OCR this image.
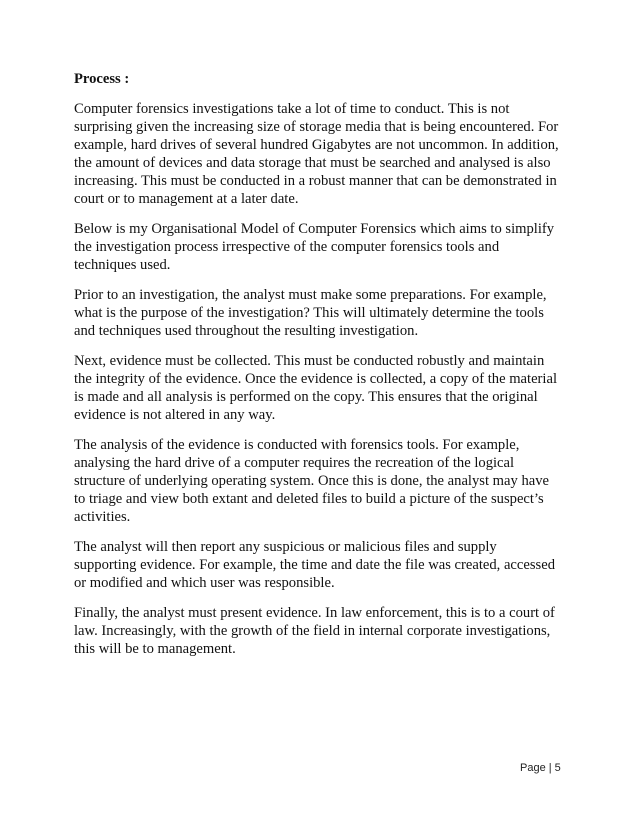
Process :

Computer forensics investigations take a lot of time to conduct. This is not
surprising given the increasing size of storage media that is being encountered. For
example, hard drives of several hundred Gigabytes are not uncommon. In addition,
the amount of devices and data storage that must be searched and analysed is also
increasing. This must be conducted in a robust manner that can be demonstrated in
court or to management at a later date.

Below is my Organisational Model of Computer Forensics which aims to simplify
the investigation process irrespective of the computer forensics tools and
techniques used.

Prior to an investigation, the analyst must make some preparations. For example,
what is the purpose of the investigation? This will ultimately determine the tools
and techniques used throughout the resulting investigation.

Next, evidence must be collected. This must be conducted robustly and maintain
the integrity of the evidence. Once the evidence is collected, a copy of the material
is made and all analysis is performed on the copy. This ensures that the original
evidence is not altered in any way.

The analysis of the evidence is conducted with forensics tools. For example,
analysing the hard drive of a computer requires the recreation of the logical
structure of underlying operating system. Once this is done, the analyst may have
to triage and view both extant and deleted files to build a picture of the suspect’s
activities.

The analyst will then report any suspicious or malicious files and supply
supporting evidence. For example, the time and date the file was created, accessed
or modified and which user was responsible.

Finally, the analyst must present evidence. In law enforcement, this is to a court of
law. Increasingly, with the growth of the field in internal corporate investigations,
this will be to management.

Page | 5
